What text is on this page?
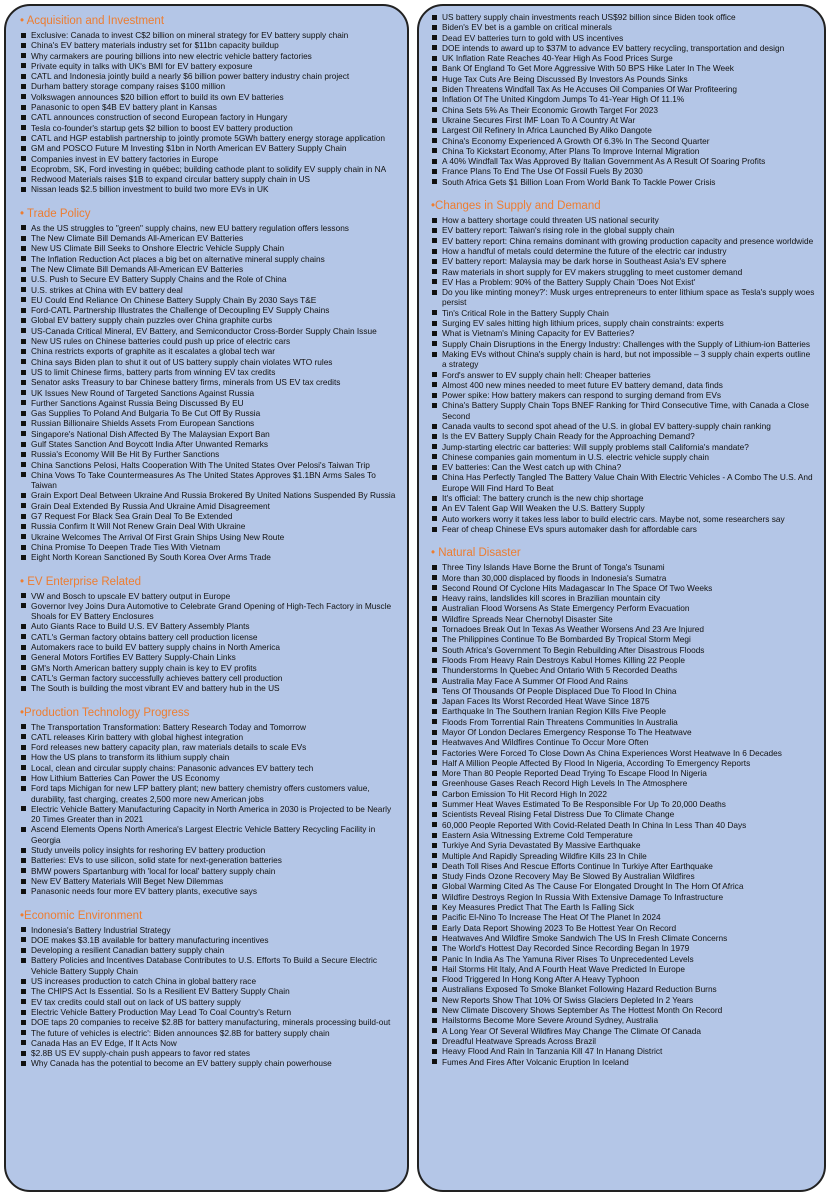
• Acquisition and Investment
Exclusive: Canada to invest C$2 billion on mineral strategy for EV battery supply chain
China's EV battery materials industry set for $11bn capacity buildup
Why carmakers are pouring billions into new electric vehicle battery factories
Private equity in talks with UK's BMI for EV battery exposure
CATL and Indonesia jointly build a nearly $6 billion power battery industry chain project
Durham battery storage company raises $100 million
Volkswagen announces $20 billion effort to build its own EV batteries
Panasonic to open $4B EV battery plant in Kansas
CATL announces construction of second European factory in Hungary
Tesla co-founder's startup gets $2 billion to boost EV battery production
CATL and HGP establish partnership to jointly promote 5GWh battery energy storage application
GM and POSCO Future M Investing $1bn in North American EV Battery Supply Chain
Companies invest in EV battery factories in Europe
Ecoprobm, SK, Ford investing in québec; building cathode plant to solidify EV supply chain in NA
Redwood Materials raises $1B to expand circular battery supply chain in US
Nissan leads $2.5 billion investment to build two more EVs in UK
• Trade Policy
As the US struggles to "green" supply chains, new EU battery regulation offers lessons
The New Climate Bill Demands All-American EV Batteries
New US Climate Bill Seeks to Onshore Electric Vehicle Supply Chain
The Inflation Reduction Act places a big bet on alternative mineral supply chains
The New Climate Bill Demands All-American EV Batteries
U.S. Push to Secure EV Battery Supply Chains and the Role of China
U.S. strikes at China with EV battery deal
EU Could End Reliance On Chinese Battery Supply Chain By 2030 Says T&E
Ford-CATL Partnership Illustrates the Challenge of Decoupling EV Supply Chains
Global EV battery supply chain puzzles over China graphite curbs
US-Canada Critical Mineral, EV Battery, and Semiconductor Cross-Border Supply Chain Issue
New US rules on Chinese batteries could push up price of electric cars
China restricts exports of graphite as it escalates a global tech war
China says Biden plan to shut it out of US battery supply chain violates WTO rules
US to limit Chinese firms, battery parts from winning EV tax credits
Senator asks Treasury to bar Chinese battery firms, minerals from US EV tax credits
UK Issues New Round of Targeted Sanctions Against Russia
Further Sanctions Against Russia Being Discussed By EU
Gas Supplies To Poland And Bulgaria To Be Cut Off By Russia
Russian Billionaire Shields Assets From European Sanctions
Singapore's National Dish Affected By The Malaysian Export Ban
Gulf States Sanction And Boycott India After Unwanted Remarks
Russia's Economy Will Be Hit By Further Sanctions
China Sanctions Pelosi, Halts Cooperation With The United States Over Pelosi's Taiwan Trip
China Vows To Take Countermeasures As The United States Approves $1.1BN Arms Sales To Taiwan
Grain Export Deal Between Ukraine And Russia Brokered By United Nations Suspended By Russia
Grain Deal Extended By Russia And Ukraine Amid Disagreement
G7 Request For Black Sea Grain Deal To Be Extended
Russia Confirm It Will Not Renew Grain Deal With Ukraine
Ukraine Welcomes The Arrival Of First Grain Ships Using New Route
China Promise To Deepen Trade Ties With Vietnam
Eight North Korean Sanctioned By South Korea Over Arms Trade
• EV Enterprise Related
VW and Bosch to upscale EV battery output in Europe
Governor Ivey Joins Dura Automotive to Celebrate Grand Opening of High-Tech Factory in Muscle Shoals for EV Battery Enclosures
Auto Giants Race to Build U.S. EV Battery Assembly Plants
CATL's German factory obtains battery cell production license
Automakers race to build EV battery supply chains in North America
General Motors Fortifies EV Battery Supply-Chain Links
GM's North American battery supply chain is key to EV profits
CATL's German factory successfully achieves battery cell production
The South is building the most vibrant EV and battery hub in the US
•Production Technology Progress
The Transportation Transformation: Battery Research Today and Tomorrow
CATL releases Kirin battery with global highest integration
Ford releases new battery capacity plan, raw materials details to scale EVs
How the US plans to transform its lithium supply chain
Local, clean and circular supply chains: Panasonic advances EV battery tech
How Lithium Batteries Can Power the US Economy
Ford taps Michigan for new LFP battery plant; new battery chemistry offers customers value, durability, fast charging, creates 2,500 more new American jobs
Electric Vehicle Battery Manufacturing Capacity in North America in 2030 is Projected to be Nearly 20 Times Greater than in 2021
Ascend Elements Opens North America's Largest Electric Vehicle Battery Recycling Facility in Georgia
Study unveils policy insights for reshoring EV battery production
Batteries: EVs to use silicon, solid state for next-generation batteries
BMW powers Spartanburg with 'local for local' battery supply chain
New EV Battery Materials Will Beget New Dilemmas
Panasonic needs four more EV battery plants, executive says
•Economic Environment
Indonesia's Battery Industrial Strategy
DOE makes $3.1B available for battery manufacturing incentives
Developing a resilient Canadian battery supply chain
Battery Policies and Incentives Database Contributes to U.S. Efforts To Build a Secure Electric Vehicle Battery Supply Chain
US increases production to catch China in global battery race
The CHIPS Act Is Essential. So Is a Resilient EV Battery Supply Chain
EV tax credits could stall out on lack of US battery supply
Electric Vehicle Battery Production May Lead To Coal Country's Return
DOE taps 20 companies to receive $2.8B for battery manufacturing, minerals processing build-out
The future of vehicles is electric': Biden announces $2.8B for battery supply chain
Canada Has an EV Edge, If It Acts Now
$2.8B US EV supply-chain push appears to favor red states
Why Canada has the potential to become an EV battery supply chain powerhouse
US battery supply chain investments reach US$92 billion since Biden took office
Biden's EV bet is a gamble on critical minerals
Dead EV batteries turn to gold with US incentives
DOE intends to award up to $37M to advance EV battery recycling, transportation and design
UK Inflation Rate Reaches 40-Year High As Food Prices Surge
Bank Of England To Get More Aggressive With 50 BPS Hike Later In The Week
Huge Tax Cuts Are Being Discussed By Investors As Pounds Sinks
Biden Threatens Windfall Tax As He Accuses Oil Companies Of War Profiteering
Inflation Of The United Kingdom Jumps To 41-Year High Of 11.1%
China Sets 5% As Their Economic Growth Target For 2023
Ukraine Secures First IMF Loan To A Country At War
Largest Oil Refinery In Africa Launched By Aliko Dangote
China's Economy Experienced A Growth Of 6.3% In The Second Quarter
China To Kickstart Economy, After Plans To Improve Internal Migration
A 40% Windfall Tax Was Approved By Italian Government As A Result Of Soaring Profits
France Plans To End The Use Of Fossil Fuels By 2030
South Africa Gets $1 Billion Loan From World Bank To Tackle Power Crisis
•Changes in Supply and Demand
How a battery shortage could threaten US national security
EV battery report: Taiwan's rising role in the global supply chain
EV battery report: China remains dominant with growing production capacity and presence worldwide
How a handful of metals could determine the future of the electric car industry
EV battery report: Malaysia may be dark horse in Southeast Asia's EV sphere
Raw materials in short supply for EV makers struggling to meet customer demand
EV Has a Problem: 90% of the Battery Supply Chain 'Does Not Exist'
Do you like minting money?': Musk urges entrepreneurs to enter lithium space as Tesla's supply woes persist
Tin's Critical Role in the Battery Supply Chain
Surging EV sales hitting high lithium prices, supply chain constraints: experts
What is Vietnam's Mining Capacity for EV Batteries?
Supply Chain Disruptions in the Energy Industry: Challenges with the Supply of Lithium-ion Batteries
Making EVs without China's supply chain is hard, but not impossible – 3 supply chain experts outline a strategy
Ford's answer to EV supply chain hell: Cheaper batteries
Almost 400 new mines needed to meet future EV battery demand, data finds
Power spike: How battery makers can respond to surging demand from EVs
China's Battery Supply Chain Tops BNEF Ranking for Third Consecutive Time, with Canada a Close Second
Canada vaults to second spot ahead of the U.S. in global EV battery-supply chain ranking
Is the EV Battery Supply Chain Ready for the Approaching Demand?
Jump-starting electric car batteries: Will supply problems stall California's mandate?
Chinese companies gain momentum in U.S. electric vehicle supply chain
EV batteries: Can the West catch up with China?
China Has Perfectly Tangled The Battery Value Chain With Electric Vehicles - A Combo The U.S. And Europe Will Find Hard To Beat
It's official: The battery crunch is the new chip shortage
An EV Talent Gap Will Weaken the U.S. Battery Supply
Auto workers worry it takes less labor to build electric cars. Maybe not, some researchers say
Fear of cheap Chinese EVs spurs automaker dash for affordable cars
• Natural Disaster
Three Tiny Islands Have Borne the Brunt of Tonga's Tsunami
More than 30,000 displaced by floods in Indonesia's Sumatra
Second Round Of Cyclone Hits Madagascar In The Space Of Two Weeks
Heavy rains, landslides kill scores in Brazilian mountain city
Australian Flood Worsens As State Emergency Perform Evacuation
Wildfire Spreads Near Chernobyl Disaster Site
Tornadoes Break Out In Texas As Weather Worsens And 23 Are Injured
The Philippines Continue To Be Bombarded By Tropical Storm Megi
South Africa's Government To Begin Rebuilding After Disastrous Floods
Floods From Heavy Rain Destroys Kabul Homes Killing 22 People
Thunderstorms In Quebec And Ontario With 5 Recorded Deaths
Australia May Face A Summer Of Flood And Rains
Tens Of Thousands Of People Displaced Due To Flood In China
Japan Faces Its Worst Recorded Heat Wave Since 1875
Earthquake In The Southern Iranian Region Kills Five People
Floods From Torrential Rain Threatens Communities In Australia
Mayor Of London Declares Emergency Response To The Heatwave
Heatwaves And Wildfires Continue To Occur More Often
Factories Were Forced To Close Down As China Experiences Worst Heatwave In 6 Decades
Half A Million People Affected By Flood In Nigeria, According To Emergency Reports
More Than 80 People Reported Dead Trying To Escape Flood In Nigeria
Greenhouse Gases Reach Record High Levels In The Atmosphere
Carbon Emission To Hit Record High In 2022
Summer Heat Waves Estimated To Be Responsible For Up To 20,000 Deaths
Scientists Reveal Rising Fetal Distress Due To Climate Change
60,000 People Reported With Covid-Related Death In China In Less Than 40 Days
Eastern Asia Witnessing Extreme Cold Temperature
Turkiye And Syria Devastated By Massive Earthquake
Multiple And Rapidly Spreading Wildfire Kills 23 In Chile
Death Toll Rises And Rescue Efforts Continue In Turkiye After Earthquake
Study Finds Ozone Recovery May Be Slowed By Australian Wildfires
Global Warming Cited As The Cause For Elongated Drought In The Horn Of Africa
Wildfire Destroys Region In Russia With Extensive Damage To Infrastructure
Key Measures Predict That The Earth Is Falling Sick
Pacific El-Nino To Increase The Heat Of The Planet In 2024
Early Data Report Showing 2023 To Be Hottest Year On Record
Heatwaves And Wildfire Smoke Sandwich The US In Fresh Climate Concerns
The World's Hottest Day Recorded Since Recording Began In 1979
Panic In India As The Yamuna River Rises To Unprecedented Levels
Hail Storms Hit Italy, And A Fourth Heat Wave Predicted In Europe
Flood Triggered In Hong Kong After A Heavy Typhoon
Australians Exposed To Smoke Blanket Following Hazard Reduction Burns
New Reports Show That 10% Of Swiss Glaciers Depleted In 2 Years
New Climate Discovery Shows September As The Hottest Month On Record
Hailstorms Become More Severe Around Sydney, Australia
A Long Year Of Several Wildfires May Change The Climate Of Canada
Dreadful Heatwave Spreads Across Brazil
Heavy Flood And Rain In Tanzania Kill 47 In Hanang District
Fumes And Fires After Volcanic Eruption In Iceland
